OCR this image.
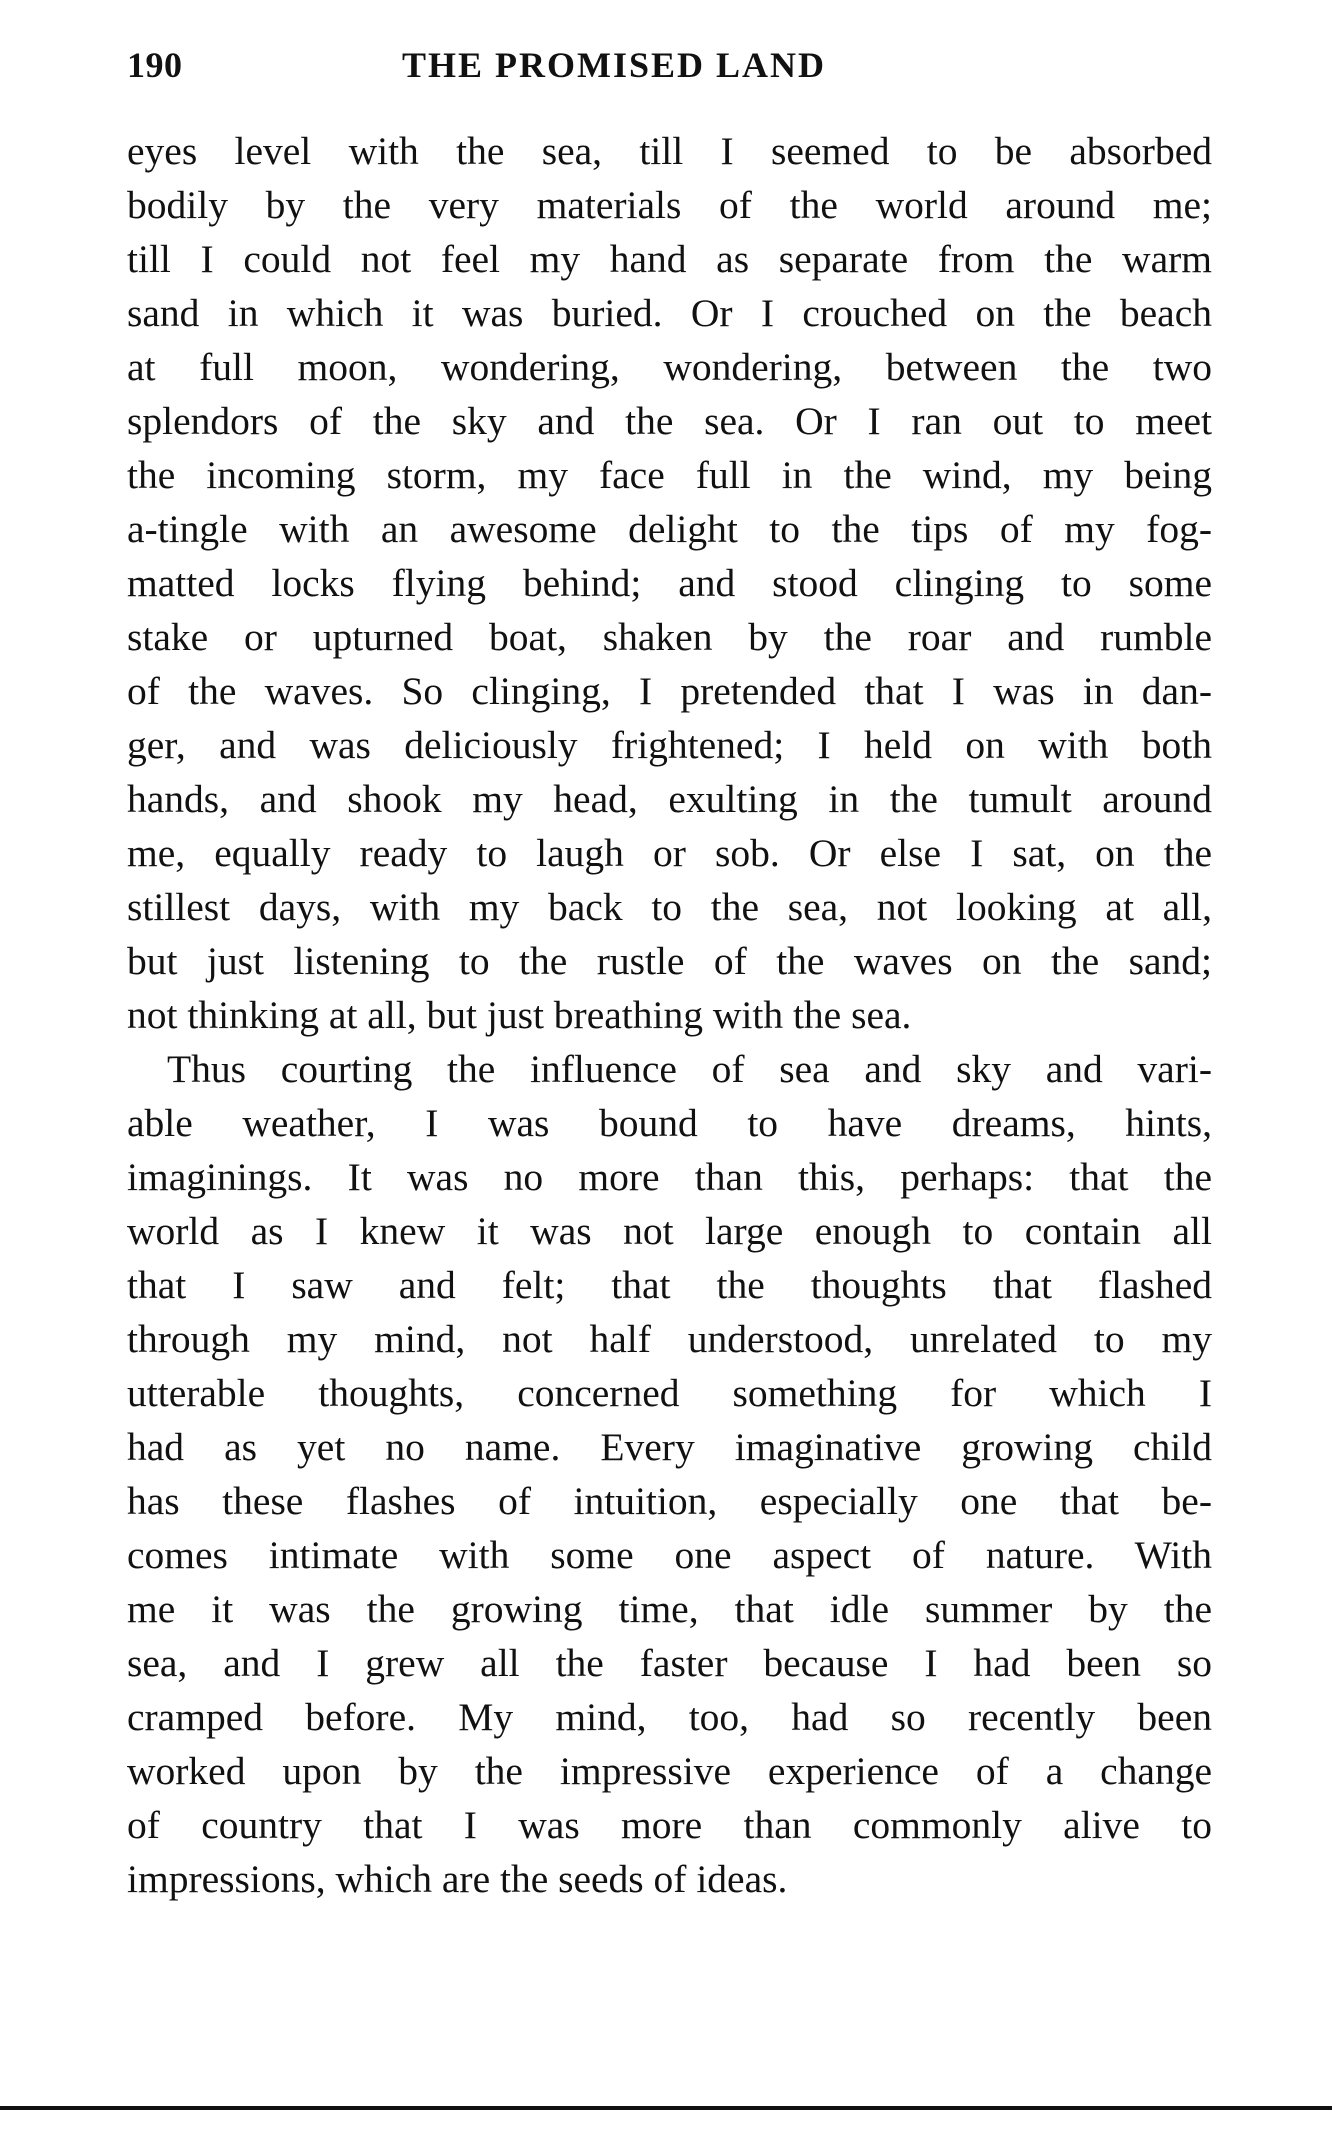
190	THE PROMISED LAND
eyes level with the sea, till I seemed to be absorbed
bodily by the very materials of the world around me;
till I could not feel my hand as separate from the warm
sand in which it was buried. Or I crouched on the beach
at full moon, wondering, wondering, between the two
splendors of the sky and the sea. Or I ran out to meet
the incoming storm, my face full in the wind, my being
a-tingle with an awesome delight to the tips of my fog-
matted locks flying behind; and stood clinging to some
stake or upturned boat, shaken by the roar and rumble
of the waves. So clinging, I pretended that I was in dan-
ger, and was deliciously frightened; I held on with both
hands, and shook my head, exulting in the tumult around
me, equally ready to laugh or sob. Or else I sat, on the
stillest days, with my back to the sea, not looking at all,
but just listening to the rustle of the waves on the sand;
not thinking at all, but just breathing with the sea.
Thus courting the influence of sea and sky and vari-
able weather, I was bound to have dreams, hints,
imaginings. It was no more than this, perhaps: that the
world as I knew it was not large enough to contain all
that I saw and felt; that the thoughts that flashed
through my mind, not half understood, unrelated to my
utterable thoughts, concerned something for which I
had as yet no name. Every imaginative growing child
has these flashes of intuition, especially one that be-
comes intimate with some one aspect of nature. With
me it was the growing time, that idle summer by the
sea, and I grew all the faster because I had been so
cramped before. My mind, too, had so recently been
worked upon by the impressive experience of a change
of country that I was more than commonly alive to
impressions, which are the seeds of ideas.
